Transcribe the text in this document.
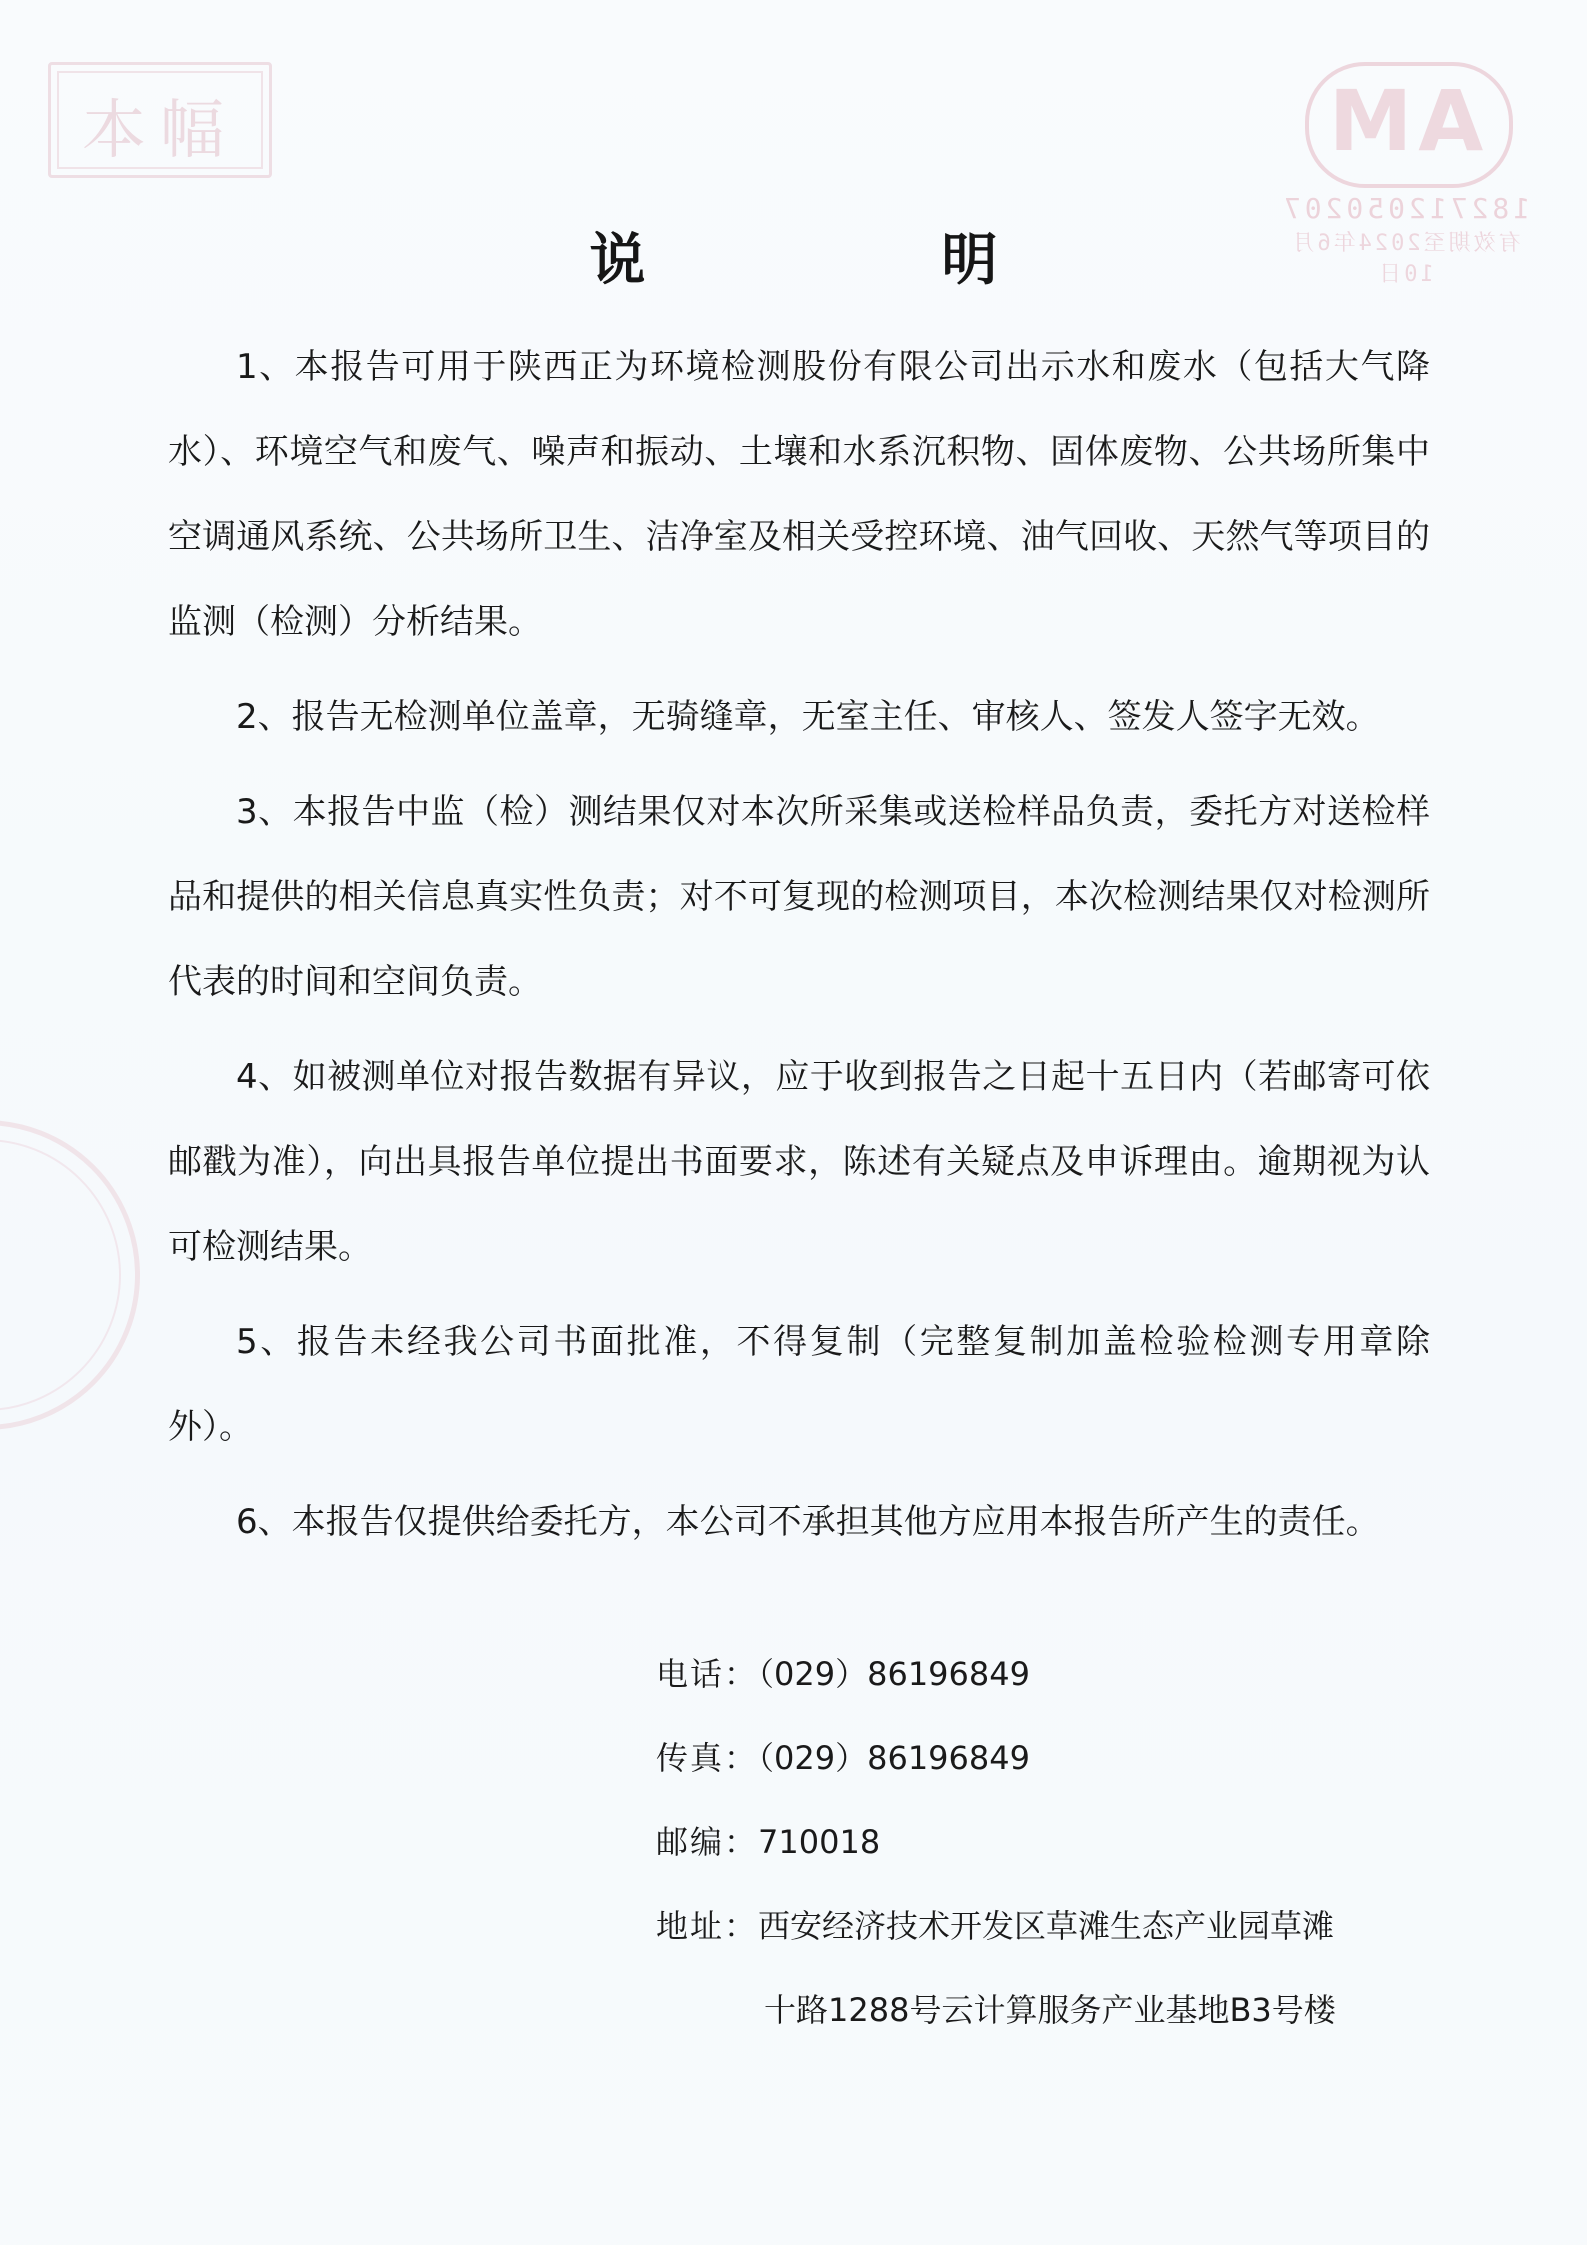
本幅	MA
182712050207
有效期至2024年6月10日
说　明

1、本报告可用于陕西正为环境检测股份有限公司出示水和废水（包括大气降水）、环境空气和废气、噪声和振动、土壤和水系沉积物、固体废物、公共场所集中空调通风系统、公共场所卫生、洁净室及相关受控环境、油气回收、天然气等项目的监测（检测）分析结果。

2、报告无检测单位盖章，无骑缝章，无室主任、审核人、签发人签字无效。

3、本报告中监（检）测结果仅对本次所采集或送检样品负责，委托方对送检样品和提供的相关信息真实性负责；对不可复现的检测项目，本次检测结果仅对检测所代表的时间和空间负责。

4、如被测单位对报告数据有异议，应于收到报告之日起十五日内（若邮寄可依邮戳为准），向出具报告单位提出书面要求，陈述有关疑点及申诉理由。逾期视为认可检测结果。

5、报告未经我公司书面批准，不得复制（完整复制加盖检验检测专用章除外）。

6、本报告仅提供给委托方，本公司不承担其他方应用本报告所产生的责任。

电话：（029）86196849
传真：（029）86196849
邮编：710018
地址：西安经济技术开发区草滩生态产业园草滩
十路1288号云计算服务产业基地B3号楼
